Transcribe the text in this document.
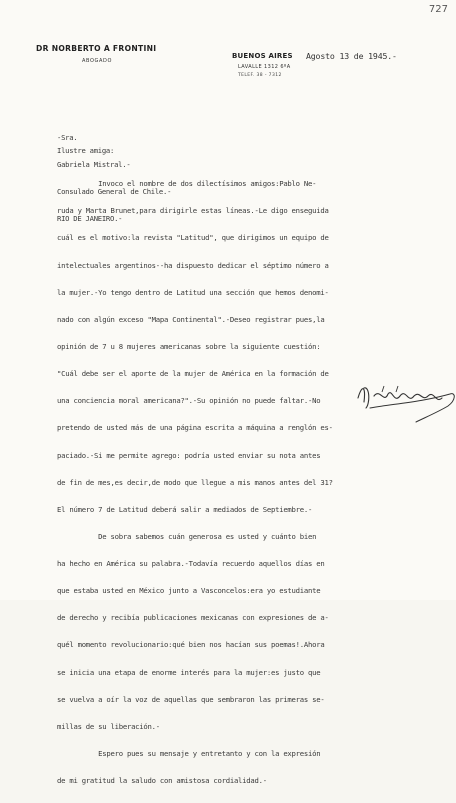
727
DR NORBERTO A FRONTINI
ABOGADO
BUENOS AIRES
LAVALLE 1312 6ºA
TELEF. 38 - 7312
Agosto 13 de 1945.-

-Sra.

Gabriela Mistral.-

Consulado General de Chile.-

RIO DE JANEIRO.-

Ilustre amiga:

Invoco el nombre de dos dilectísimos amigos:Pablo Ne-

ruda y Marta Brunet,para dirigirle estas líneas.-Le digo enseguida

cuál es el motivo:la revista "Latitud", que dirigimos un equipo de

intelectuales argentinos--ha dispuesto dedicar el séptimo número a

la mujer.-Yo tengo dentro de Latitud una sección que hemos denomi-

nado con algún exceso "Mapa Continental".-Deseo registrar pues,la

opinión de 7 u 8 mujeres americanas sobre la siguiente cuestión:

"Cuál debe ser el aporte de la mujer de América en la formación de

una conciencia moral americana?".-Su opinión no puede faltar.-No

pretendo de usted más de una página escrita a máquina a renglón es-

paciado.-Si me permite agrego: podría usted enviar su nota antes

de fin de mes,es decir,de modo que llegue a mis manos antes del 31?

El número 7 de Latitud deberá salir a mediados de Septiembre.-

De sobra sabemos cuán generosa es usted y cuánto bien

ha hecho en América su palabra.-Todavía recuerdo aquellos días en

que estaba usted en México junto a Vasconcelos:era yo estudiante

de derecho y recibía publicaciones mexicanas con expresiones de a-

quél momento revolucionario:qué bien nos hacían sus poemas!.Ahora

se inicia una etapa de enorme interés para la mujer:es justo que

se vuelva a oír la voz de aquellas que sembraron las primeras se-

millas de su liberación.-

Espero pues su mensaje y entretanto y con la expresión

de mi gratitud la saludo con amistosa cordialidad.-
